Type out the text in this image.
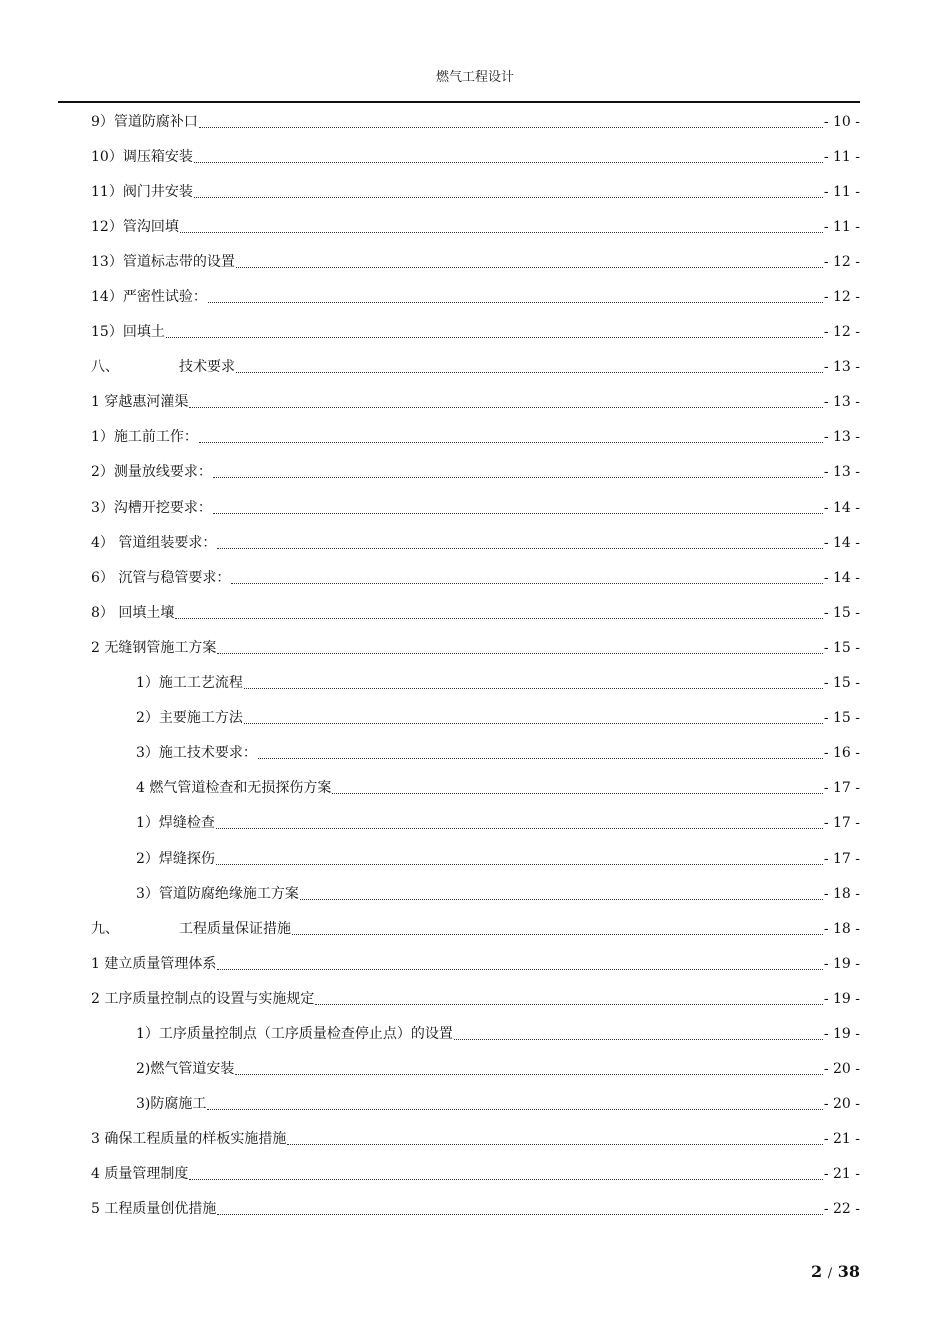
燃气工程设计
9）管道防腐补口	- 10 -
10）调压箱安装	- 11 -
11）阀门井安装	- 11 -
12）管沟回填	- 11 -
13）管道标志带的设置	- 12 -
14）严密性试验：	- 12 -
15）回填土	- 12 -
八、	技术要求	- 13 -
1 穿越惠河灌渠	- 13 -
1）施工前工作：	- 13 -
2）测量放线要求：	- 13 -
3）沟槽开挖要求：	- 14 -
4） 管道组装要求：	- 14 -
6） 沉管与稳管要求：	- 14 -
8） 回填土壤	- 15 -
2 无缝钢管施工方案	- 15 -
1）施工工艺流程	- 15 -
2）主要施工方法	- 15 -
3）施工技术要求：	- 16 -
4 燃气管道检查和无损探伤方案	- 17 -
1）焊缝检查	- 17 -
2）焊缝探伤	- 17 -
3）管道防腐绝缘施工方案	- 18 -
九、	工程质量保证措施	- 18 -
1 建立质量管理体系	- 19 -
2 工序质量控制点的设置与实施规定	- 19 -
1）工序质量控制点（工序质量检查停止点）的设置	- 19 -
2)燃气管道安装	- 20 -
3)防腐施工	- 20 -
3 确保工程质量的样板实施措施	- 21 -
4 质量管理制度	- 21 -
5 工程质量创优措施	- 22 -
2 / 38
